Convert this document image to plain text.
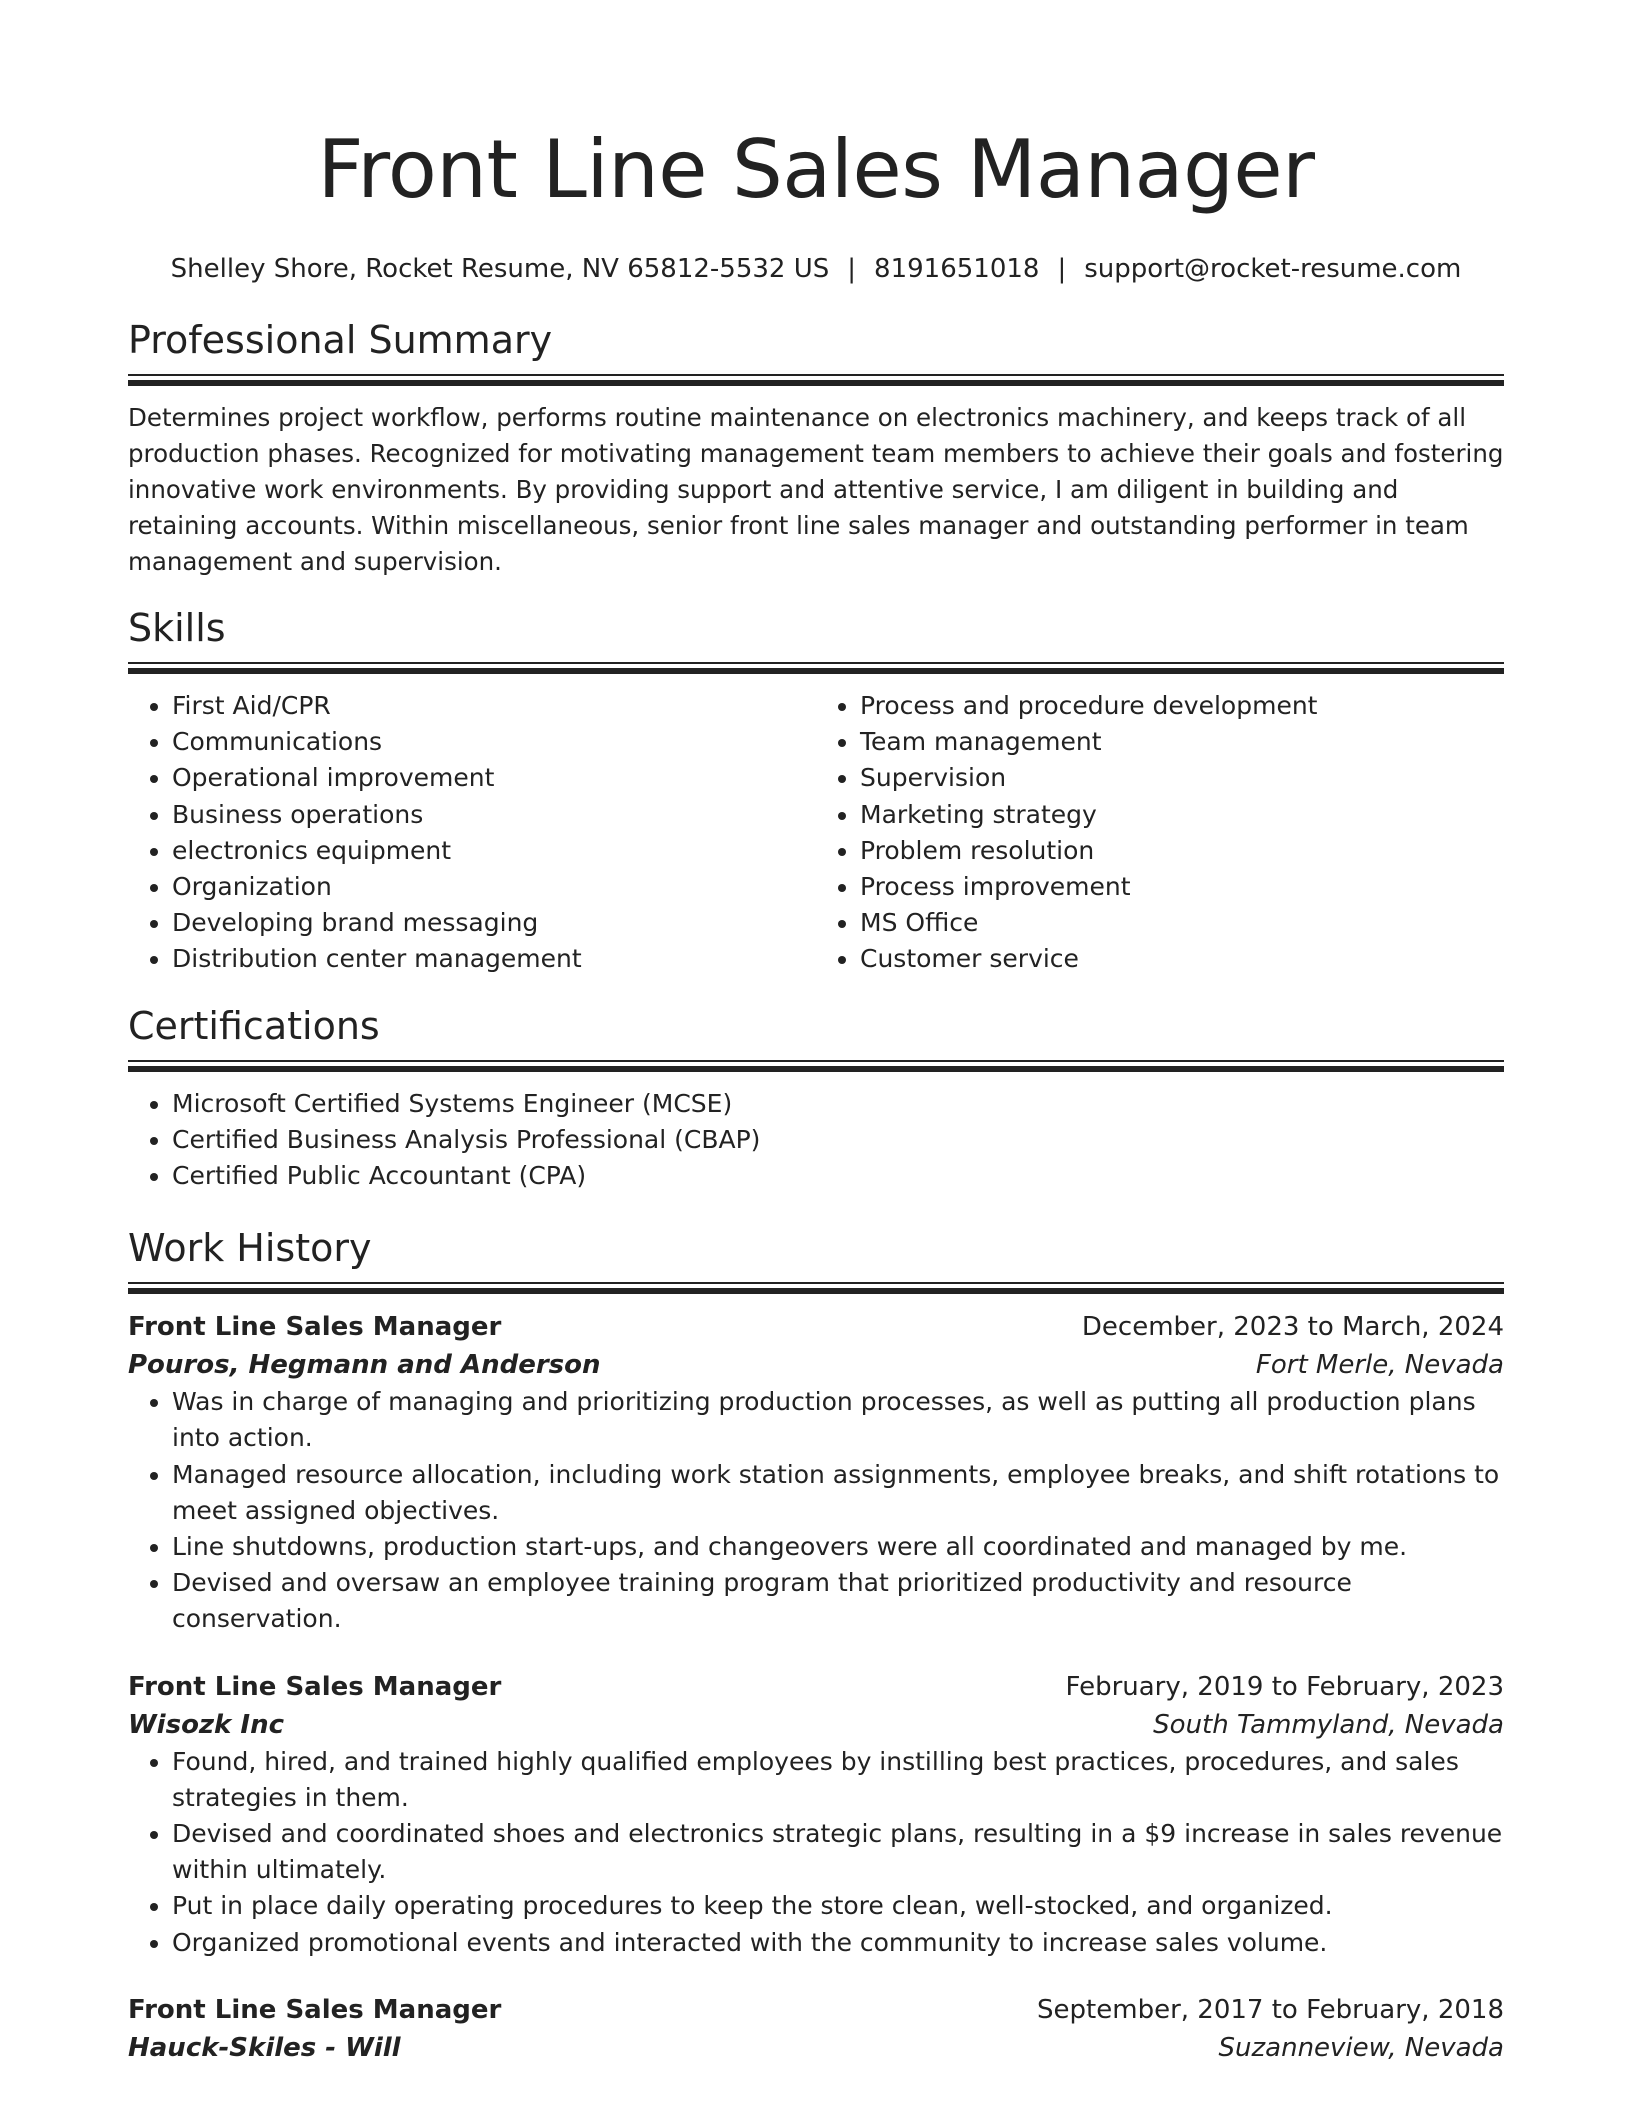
Front Line Sales Manager
Shelley Shore, Rocket Resume, NV 65812-5532 US | 8191651018 | support@rocket-resume.com
Professional Summary

Determines project workflow, performs routine maintenance on electronics machinery, and keeps track of all production phases. Recognized for motivating management team members to achieve their goals and fostering innovative work environments. By providing support and attentive service, I am diligent in building and retaining accounts. Within miscellaneous, senior front line sales manager and outstanding performer in team management and supervision.

Skills
• First Aid/CPR
• Communications
• Operational improvement
• Business operations
• electronics equipment
• Organization
• Developing brand messaging
• Distribution center management
• Process and procedure development
• Team management
• Supervision
• Marketing strategy
• Problem resolution
• Process improvement
• MS Office
• Customer service
Certifications
• Microsoft Certified Systems Engineer (MCSE)
• Certified Business Analysis Professional (CBAP)
• Certified Public Accountant (CPA)
Work History
Front Line Sales Manager	December, 2023 to March, 2024
Pouros, Hegmann and Anderson	Fort Merle, Nevada
• Was in charge of managing and prioritizing production processes, as well as putting all production plans into action.
• Managed resource allocation, including work station assignments, employee breaks, and shift rotations to meet assigned objectives.
• Line shutdowns, production start-ups, and changeovers were all coordinated and managed by me.
• Devised and oversaw an employee training program that prioritized productivity and resource conservation.
Front Line Sales Manager	February, 2019 to February, 2023
Wisozk Inc	South Tammyland, Nevada
• Found, hired, and trained highly qualified employees by instilling best practices, procedures, and sales strategies in them.
• Devised and coordinated shoes and electronics strategic plans, resulting in a $9 increase in sales revenue within ultimately.
• Put in place daily operating procedures to keep the store clean, well-stocked, and organized.
• Organized promotional events and interacted with the community to increase sales volume.
Front Line Sales Manager	September, 2017 to February, 2018
Hauck-Skiles - Will	Suzanneview, Nevada
